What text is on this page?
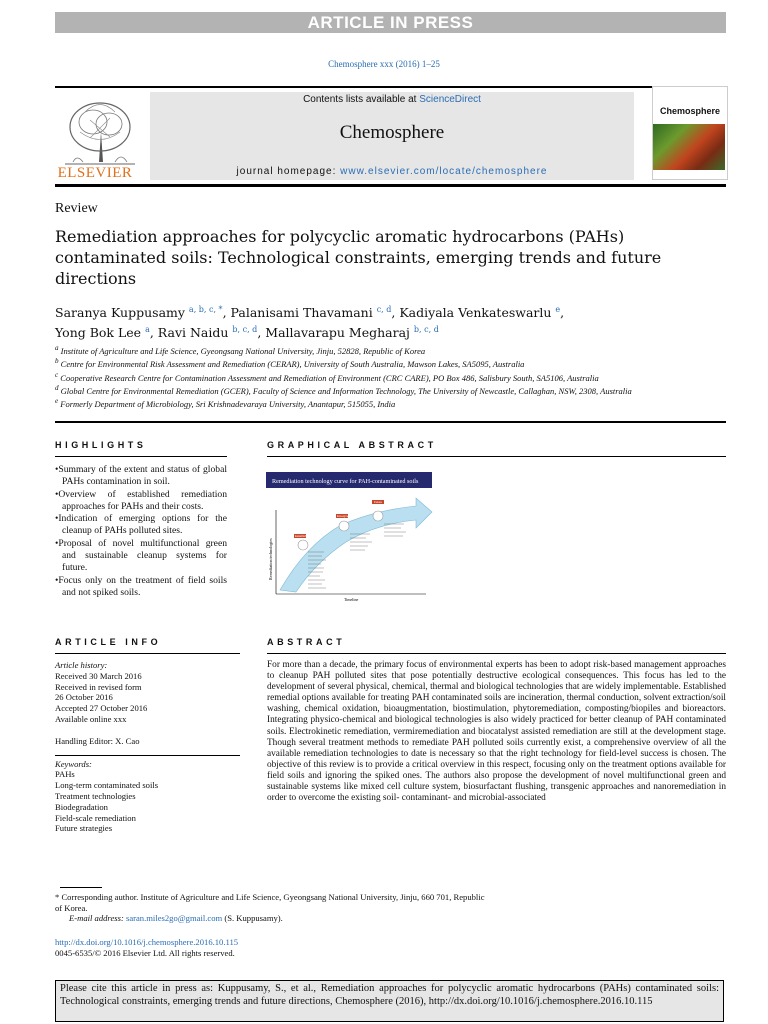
ARTICLE IN PRESS
Chemosphere xxx (2016) 1–25
ELSEVIER
Contents lists available at ScienceDirect
Chemosphere
journal homepage: www.elsevier.com/locate/chemosphere
Chemosphere
Review
Remediation approaches for polycyclic aromatic hydrocarbons (PAHs) contaminated soils: Technological constraints, emerging trends and future directions
Saranya Kuppusamy $^{a, b, c, *}$, Palanisami Thavamani $^{c, d}$, Kadiyala Venkateswarlu $^e$,
Yong Bok Lee $^a$, Ravi Naidu $^{b, c, d}$, Mallavarapu Megharaj $^{b, c, d}$
$^a$ Institute of Agriculture and Life Science, Gyeongsang National University, Jinju, 52828, Republic of Korea
$^b$ Centre for Environmental Risk Assessment and Remediation (CERAR), University of South Australia, Mawson Lakes, SA5095, Australia
$^c$ Cooperative Research Centre for Contamination Assessment and Remediation of Environment (CRC CARE), PO Box 486, Salisbury South, SA5106, Australia
$^d$ Global Centre for Environmental Remediation (GCER), Faculty of Science and Information Technology, The University of Newcastle, Callaghan, NSW, 2308, Australia
$^e$ Formerly Department of Microbiology, Sri Krishnadevaraya University, Anantapur, 515055, India
HIGHLIGHTS
•Summary of the extent and status of global PAHs contamination in soil.
•Overview of established remediation approaches for PAHs and their costs.
•Indication of emerging options for the cleanup of PAHs polluted sites.
•Proposal of novel multifunctional green and sustainable cleanup systems for future.
•Focus only on the treatment of field soils and not spiked soils.
GRAPHICAL ABSTRACT
Remediation technology curve for PAH-contaminated soils
Established
Emerging
Future
Remediation technologies
Timeline
ARTICLE INFO
Article history:
Received 30 March 2016
Received in revised form
26 October 2016
Accepted 27 October 2016
Available online xxx
Handling Editor: X. Cao
Keywords:
PAHs
Long-term contaminated soils
Treatment technologies
Biodegradation
Field-scale remediation
Future strategies
ABSTRACT
For more than a decade, the primary focus of environmental experts has been to adopt risk-based management approaches to cleanup PAH polluted sites that pose potentially destructive ecological consequences. This focus has led to the development of several physical, chemical, thermal and biological technologies that are widely implementable. Established remedial options available for treating PAH contaminated soils are incineration, thermal conduction, solvent extraction/soil washing, chemical oxidation, bioaugmentation, biostimulation, phytoremediation, composting/biopiles and bioreactors. Integrating physico-chemical and biological technologies is also widely practiced for better cleanup of PAH contaminated soils. Electrokinetic remediation, vermiremediation and biocatalyst assisted remediation are still at the development stage. Though several treatment methods to remediate PAH polluted soils currently exist, a comprehensive overview of all the available remediation technologies to date is necessary so that the right technology for field-level success is chosen. The objective of this review is to provide a critical overview in this respect, focusing only on the treatment options available for field soils and ignoring the spiked ones. The authors also propose the development of novel multifunctional green and sustainable systems like mixed cell culture system, biosurfactant flushing, transgenic approaches and nanoremediation in order to overcome the existing soil- contaminant- and microbial-associated
* Corresponding author. Institute of Agriculture and Life Science, Gyeongsang National University, Jinju, 660 701, Republic of Korea.
E-mail address: saran.miles2go@gmail.com (S. Kuppusamy).
http://dx.doi.org/10.1016/j.chemosphere.2016.10.115
0045-6535/© 2016 Elsevier Ltd. All rights reserved.
Please cite this article in press as: Kuppusamy, S., et al., Remediation approaches for polycyclic aromatic hydrocarbons (PAHs) contaminated soils: Technological constraints, emerging trends and future directions, Chemosphere (2016), http://dx.doi.org/10.1016/j.chemosphere.2016.10.115
